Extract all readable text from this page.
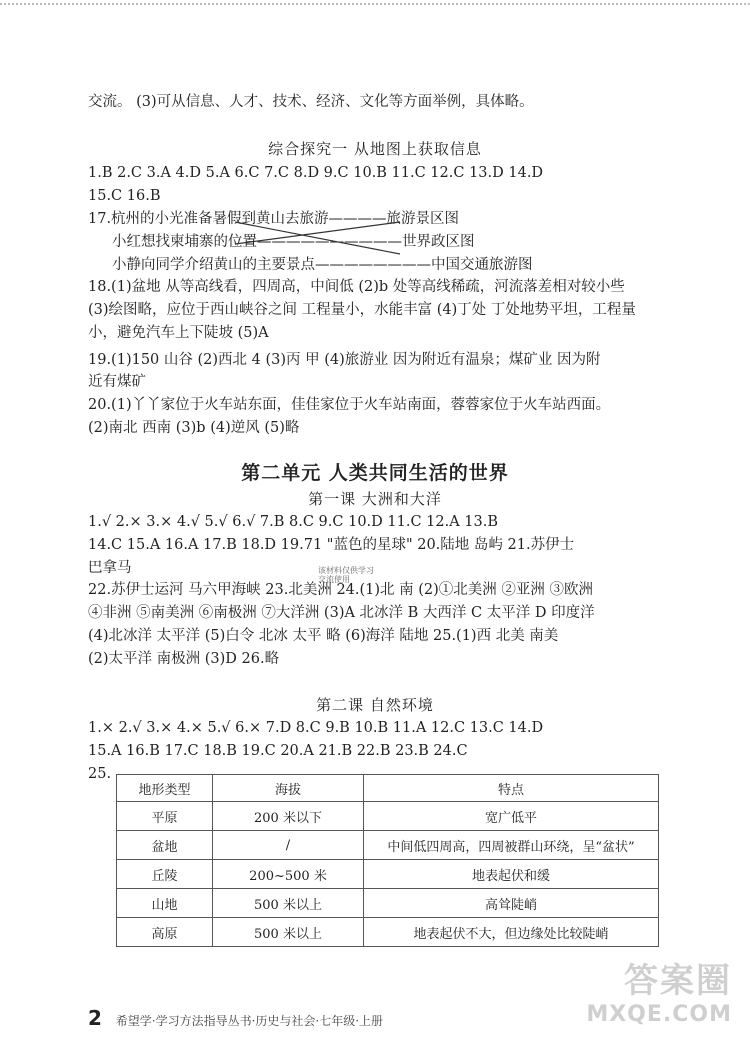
交流。 (3)可从信息、人才、技术、经济、文化等方面举例，具体略。
综合探究一 从地图上获取信息
1.B 2.C 3.A 4.D 5.A 6.C 7.C 8.D 9.C 10.B 11.C 12.C 13.D 14.D
15.C 16.B
17.杭州的小光准备暑假到黄山去旅游————旅游景区图
小红想找柬埔寨的位置——————————世界政区图
小静向同学介绍黄山的主要景点————————中国交通旅游图
18.(1)盆地 从等高线看，四周高，中间低 (2)b 处等高线稀疏，河流落差相对较小些
(3)绘图略，应位于西山峡谷之间 工程量小，水能丰富 (4)丁处 丁处地势平坦，工程量
小，避免汽车上下陡坡 (5)A
19.(1)150 山谷 (2)西北 4 (3)丙 甲 (4)旅游业 因为附近有温泉；煤矿业 因为附
近有煤矿
20.(1)丫丫家位于火车站东面，佳佳家位于火车站南面，蓉蓉家位于火车站西面。
(2)南北 西南 (3)b (4)逆风 (5)略
第二单元 人类共同生活的世界
第一课 大洲和大洋
1.√ 2.× 3.× 4.√ 5.√ 6.√ 7.B 8.C 9.C 10.D 11.C 12.A 13.B
14.C 15.A 16.A 17.B 18.D 19.71 "蓝色的星球" 20.陆地 岛屿 21.苏伊士
巴拿马	该材料仅供学习
交流使用
22.苏伊士运河 马六甲海峡 23.北美洲 24.(1)北 南 (2)①北美洲 ②亚洲 ③欧洲
④非洲 ⑤南美洲 ⑥南极洲 ⑦大洋洲 (3)A 北冰洋 B 大西洋 C 太平洋 D 印度洋
(4)北冰洋 太平洋 (5)白令 北冰 太平 略 (6)海洋 陆地 25.(1)西 北美 南美
(2)太平洋 南极洲 (3)D 26.略
第二课 自然环境
1.× 2.√ 3.× 4.× 5.√ 6.× 7.D 8.C 9.B 10.B 11.A 12.C 13.C 14.D
15.A 16.B 17.C 18.B 19.C 20.A 21.B 22.B 23.B 24.C
25.
地形类型	海拔	特点
平原	200 米以下	宽广低平
盆地	/	中间低四周高，四周被群山环绕，呈“盆状”
丘陵	200~500 米	地表起伏和缓
山地	500 米以上	高耸陡峭
高原	500 米以上	地表起伏不大，但边缘处比较陡峭
2 希望学·学习方法指导丛书·历史与社会·七年级·上册
答案圈
MXQE.COM
